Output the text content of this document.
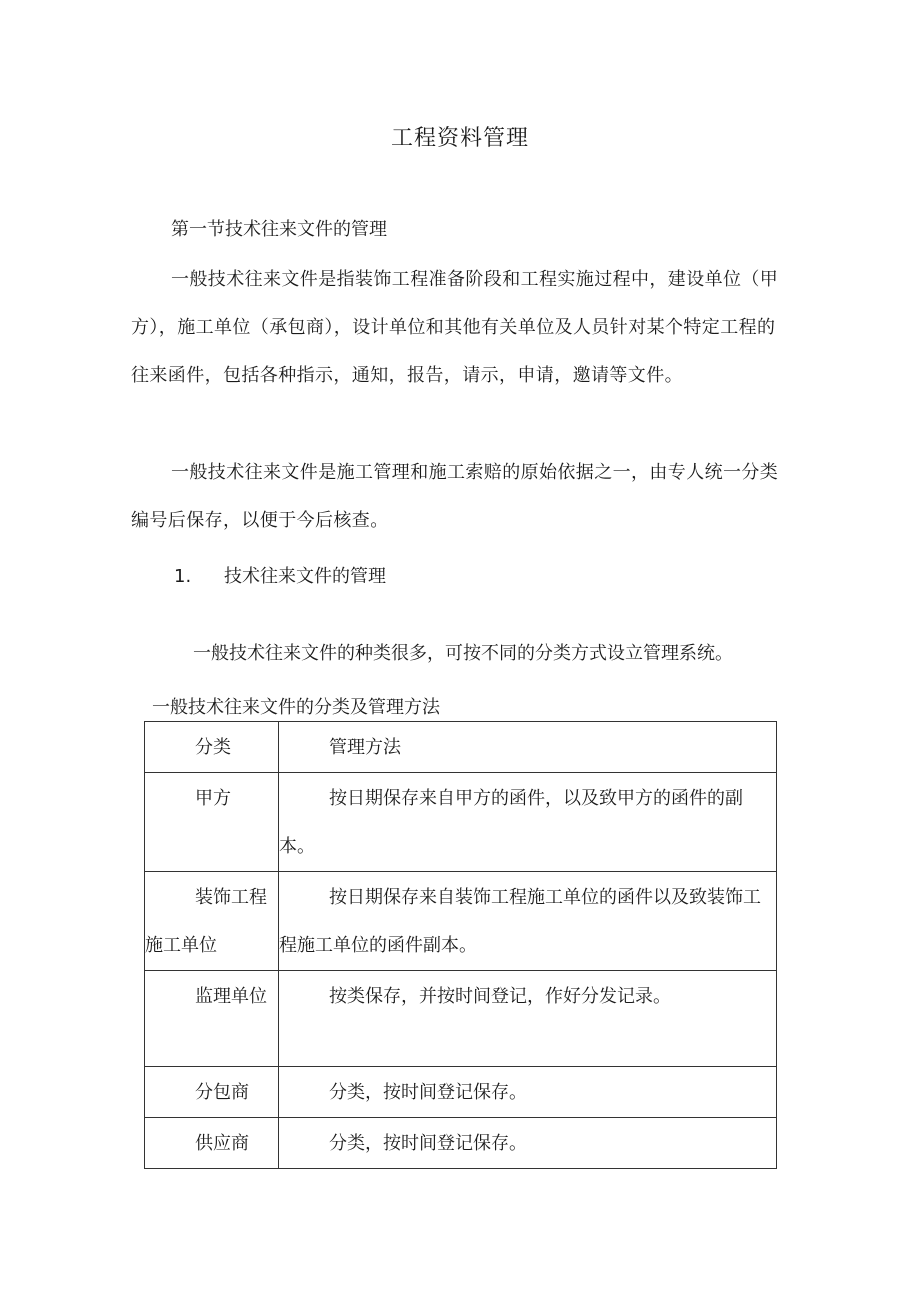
工程资料管理
第一节技术往来文件的管理

一般技术往来文件是指装饰工程准备阶段和工程实施过程中，建设单位（甲方），施工单位（承包商），设计单位和其他有关单位及人员针对某个特定工程的往来函件，包括各种指示，通知，报告，请示，申请，邀请等文件。

一般技术往来文件是施工管理和施工索赔的原始依据之一，由专人统一分类编号后保存，以便于今后核查。

1. 技术往来文件的管理
一般技术往来文件的种类很多，可按不同的分类方式设立管理系统。
一般技术往来文件的分类及管理方法
分类	管理方法

甲方	按日期保存来自甲方的函件，以及致甲方的函件的副本。

装饰工程施工单位	按日期保存来自装饰工程施工单位的函件以及致装饰工程施工单位的函件副本。

监理单位	按类保存，并按时间登记，作好分发记录。

分包商	分类，按时间登记保存。

供应商	分类，按时间登记保存。
